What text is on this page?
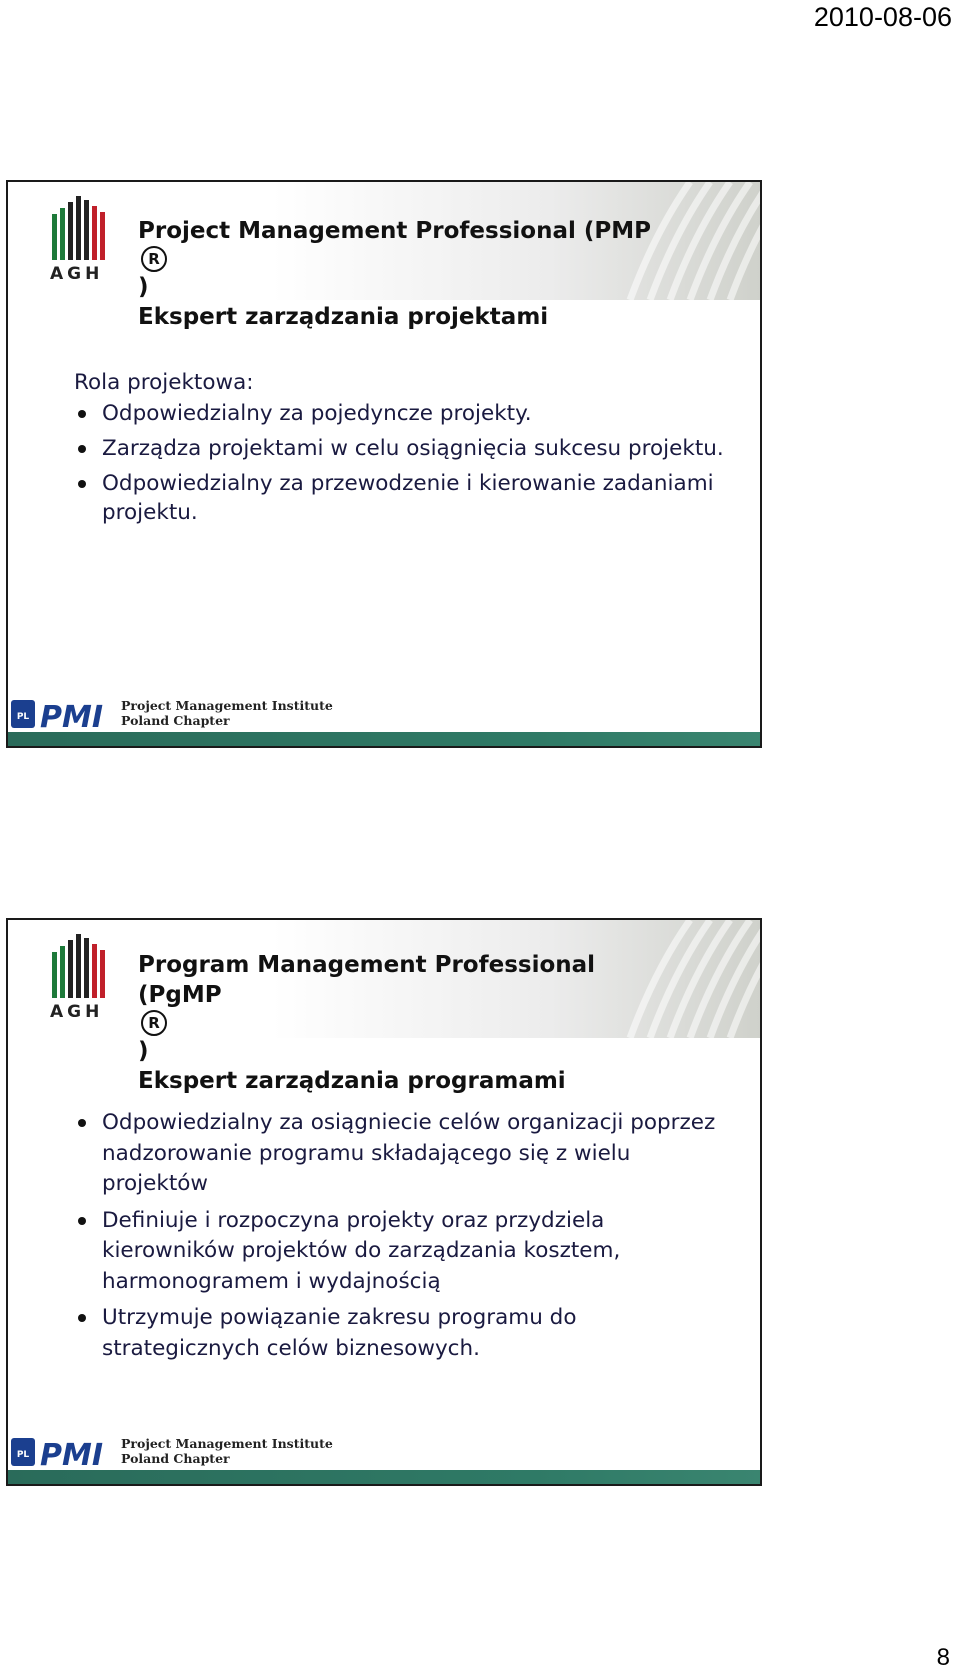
2010-08-06
AGH
Project Management Professional (PMP
R
)
Ekspert zarządzania projektami

Rola projektowa:

Odpowiedzialny za pojedyncze projekty.
Zarządza projektami w celu osiągnięcia sukcesu projektu.
Odpowiedzialny za przewodzenie i kierowanie zadaniami projektu.
PL PMI Project Management Institute
Poland Chapter
AGH
Program Management Professional
(PgMP
R
)
Ekspert zarządzania programami
Odpowiedzialny za osiągniecie celów organizacji poprzez nadzorowanie programu składającego się z wielu projektów
Definiuje i rozpoczyna projekty oraz przydziela kierowników projektów do zarządzania kosztem, harmonogramem i wydajnością
Utrzymuje powiązanie zakresu programu do strategicznych celów biznesowych.
PL PMI Project Management Institute
Poland Chapter
8
